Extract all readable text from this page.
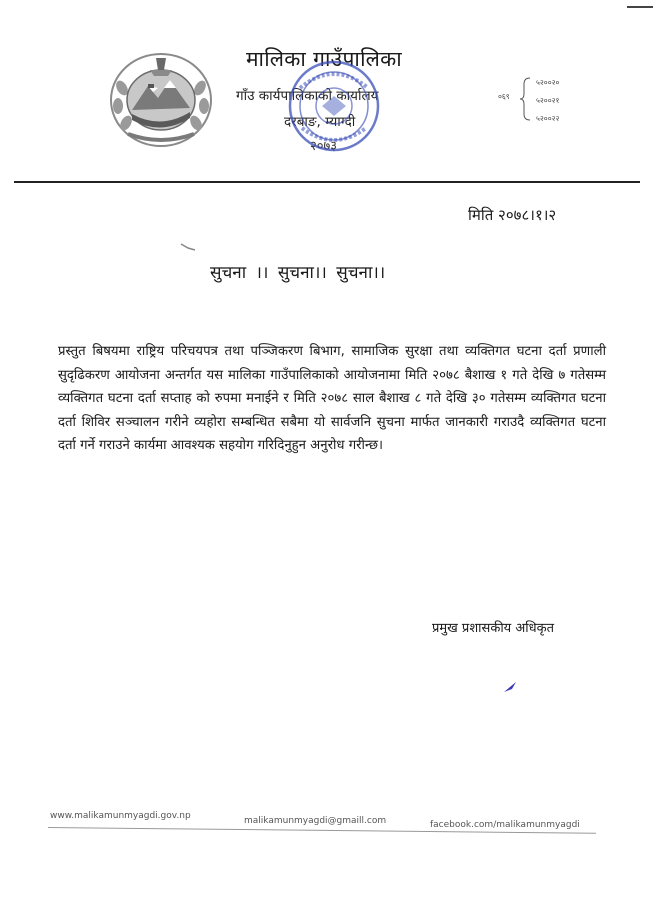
मालिका गाउँपालिका
गाँउ कार्यपालिकाको कार्यालय
दरबाङ, म्याग्दी
२०७३
०६९
५२००२०
५२००२१
५२००२२
मिति २०७८।१।२
सुचना ।। सुचना।। सुचना।।
प्रस्तुत बिषयमा राष्ट्रिय परिचयपत्र तथा पञ्जिकरण बिभाग, सामाजिक सुरक्षा तथा व्यक्तिगत घटना दर्ता प्रणाली सुदृढिकरण आयोजना अन्तर्गत यस मालिका गाउँपालिकाको आयोजनामा मिति २०७८ बैशाख १ गते देखि ७ गतेसम्म व्यक्तिगत घटना दर्ता सप्ताह को रुपमा मनाईने र मिति २०७८ साल बैशाख ८ गते देखि ३० गतेसम्म व्यक्तिगत घटना दर्ता शिविर सञ्चालन गरीने व्यहोरा सम्बन्धित सबैमा यो सार्वजनि सुचना मार्फत जानकारी गराउदै व्यक्तिगत घटना दर्ता गर्ने गराउने कार्यमा आवश्यक सहयोग गरिदिनुहुन अनुरोध गरीन्छ।
प्रमुख प्रशासकीय अधिकृत
www.malikamunmyagdi.gov.np	malikamunmyagdi@gmaill.com	facebook.com/malikamunmyagdi
